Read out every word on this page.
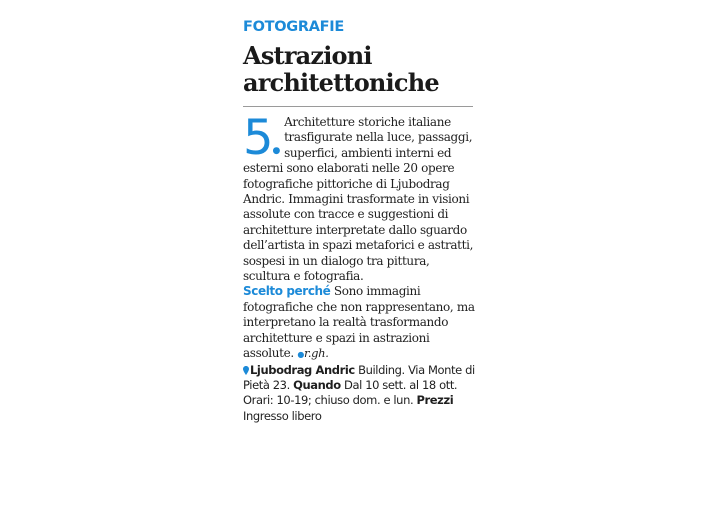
FOTOGRAFIE
Astrazioni
architettoniche

5 ●
Architetture storiche italiane trasfigurate nella luce, passaggi, superfici, ambienti interni ed esterni sono elaborati nelle 20 opere fotografiche pittoriche di Ljubodrag Andric. Immagini trasformate in visioni assolute con tracce e suggestioni di architetture interpretate dallo sguardo dell’artista in spazi metaforici e astratti, sospesi in un dialogo tra pittura, scultura e fotografia.

Scelto perché Sono immagini fotografiche che non rappresentano, ma interpretano la realtà trasformando architetture e spazi in astrazioni assolute. ●r.gh.

Ljubodrag Andric Building. Via Monte di Pietà 23. Quando Dal 10 sett. al 18 ott. Orari: 10-19; chiuso dom. e lun. Prezzi Ingresso libero
